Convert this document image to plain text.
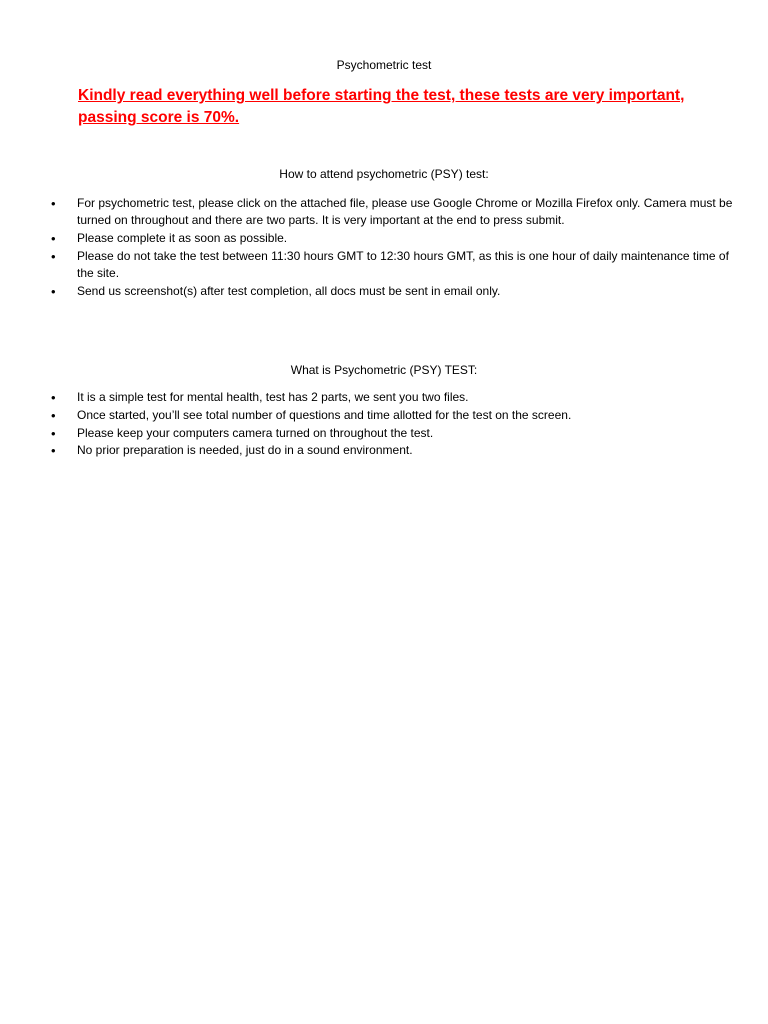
Psychometric test
Kindly read everything well before starting the test, these tests are very important, passing score is 70%.
How to attend psychometric (PSY) test:
• For psychometric test, please click on the attached file, please use Google Chrome or Mozilla Firefox only. Camera must be turned on throughout and there are two parts. It is very important at the end to press submit.
• Please complete it as soon as possible.
• Please do not take the test between 11:30 hours GMT to 12:30 hours GMT, as this is one hour of daily maintenance time of the site.
• Send us screenshot(s) after test completion, all docs must be sent in email only.
What is Psychometric (PSY) TEST:
• It is a simple test for mental health, test has 2 parts, we sent you two files.
• Once started, you’ll see total number of questions and time allotted for the test on the screen.
• Please keep your computers camera turned on throughout the test.
• No prior preparation is needed, just do in a sound environment.
